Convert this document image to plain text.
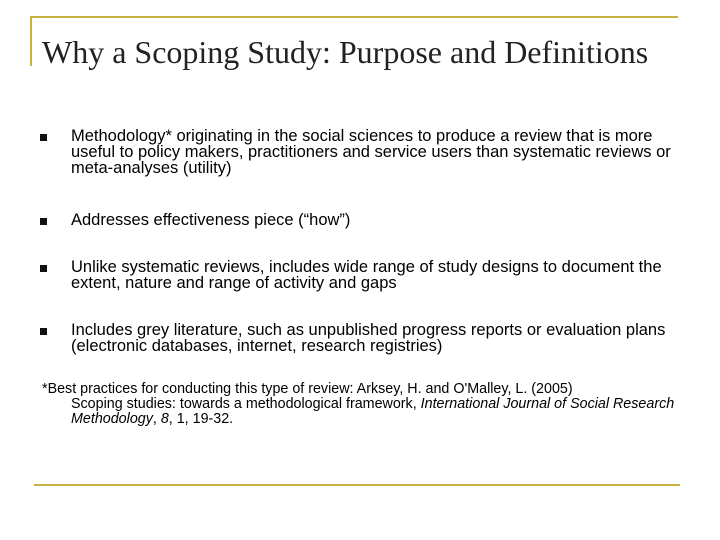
Why a Scoping Study: Purpose and Definitions
Methodology* originating in the social sciences to produce a review that is more useful to policy makers, practitioners and service users than systematic reviews or meta-analyses (utility)
Addresses effectiveness piece (“how”)
Unlike systematic reviews, includes wide range of study designs to document the extent, nature and range of activity and gaps
Includes grey literature, such as unpublished progress reports or evaluation plans (electronic databases, internet, research registries)
*Best practices for conducting this type of review: Arksey, H. and O'Malley, L. (2005)
Scoping studies: towards a methodological framework, International Journal of Social Research Methodology, 8, 1, 19-32.
